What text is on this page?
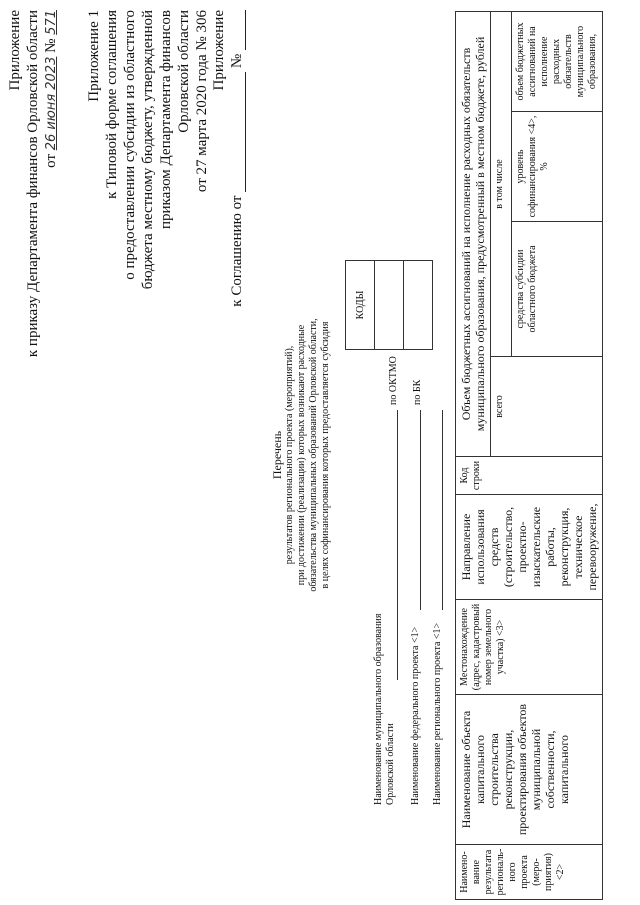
Приложение к приказу Департамента финансов Орловской области от 26 июня 2023 № 571 Приложение 1 к Типовой форме соглашения о предоставлении субсидии из областного бюджета местному бюджету, утвержденной приказом Департамента финансов Орловской области от 27 марта 2020 года № 306 Приложение
к Соглашению от  №
Перечень результатов регионального проекта (мероприятий), при достижении (реализации) которых возникают расходные обязательства муниципальных образований Орловской области, в целях софинансирования которых предоставляется субсидия
КОДЫ

Наименование муниципального образования Орловской области
по ОКТМО
Наименование федерального проекта <1>
по БК
Наименование регионального проекта <1>
Наимено-вание результата региональ-ного проекта (меро-приятия) <2>	Наименование объекта капитального строительства реконструкции, проектирования объектов муниципальной собственности, капитального	Местонахождение (адрес, кадастровый номер земельного участка) <3>	Направление использования средств (строительство, проектно-изыскательские работы, реконструкция, техническое перевооружение,	Код строки	Объем бюджетных ассигнований на исполнение расходных обязательств муниципального образования, предусмотренный в местном бюджете, рублей			
					всего	в том числе		
						средства субсидии областного бюджета	уровень софинансирования <4>, %	объем бюджетных ассигнований на исполнение расходных обязательств муниципального образования,
